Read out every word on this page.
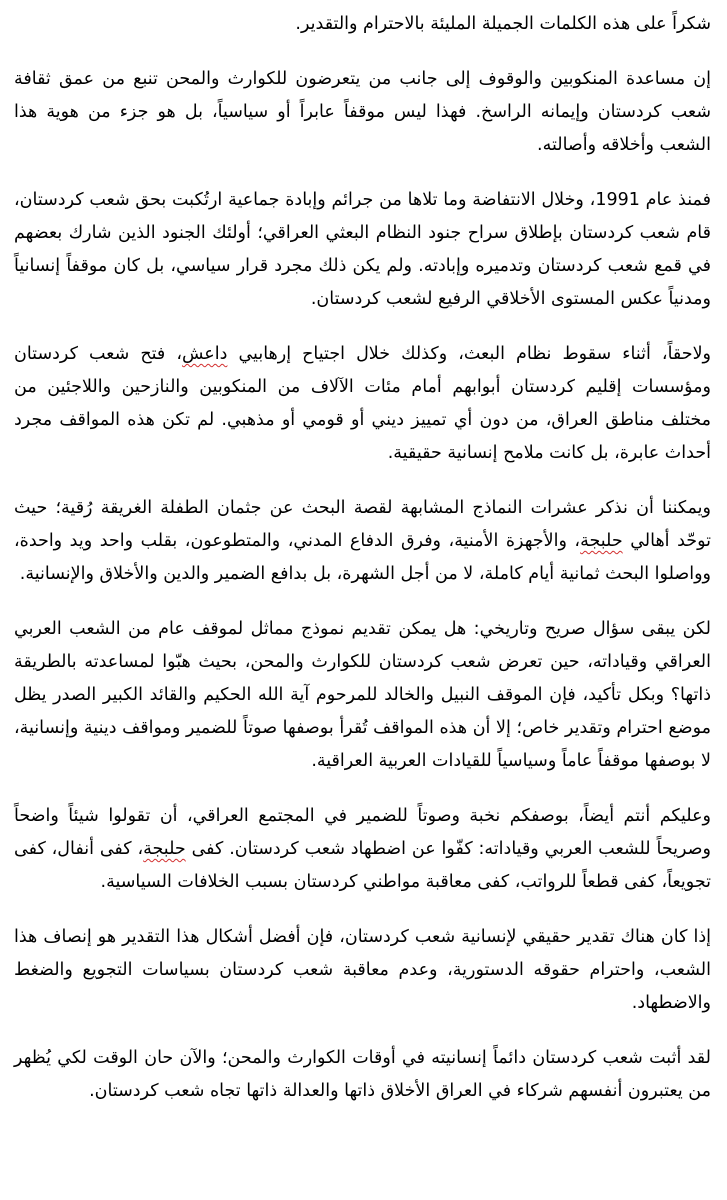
شكراً على هذه الكلمات الجميلة المليئة بالاحترام والتقدير.

إن مساعدة المنكوبين والوقوف إلى جانب من يتعرضون للكوارث والمحن تنبع من عمق ثقافة شعب كردستان وإيمانه الراسخ. فهذا ليس موقفاً عابراً أو سياسياً، بل هو جزء من هوية هذا الشعب وأخلاقه وأصالته.

فمنذ عام 1991، وخلال الانتفاضة وما تلاها من جرائم وإبادة جماعية ارتُكبت بحق شعب كردستان، قام شعب كردستان بإطلاق سراح جنود النظام البعثي العراقي؛ أولئك الجنود الذين شارك بعضهم في قمع شعب كردستان وتدميره وإبادته. ولم يكن ذلك مجرد قرار سياسي، بل كان موقفاً إنسانياً ومدنياً عكس المستوى الأخلاقي الرفيع لشعب كردستان.

ولاحقاً، أثناء سقوط نظام البعث، وكذلك خلال اجتياح إرهابيي داعش، فتح شعب كردستان ومؤسسات إقليم كردستان أبوابهم أمام مئات الآلاف من المنكوبين والنازحين واللاجئين من مختلف مناطق العراق، من دون أي تمييز ديني أو قومي أو مذهبي. لم تكن هذه المواقف مجرد أحداث عابرة، بل كانت ملامح إنسانية حقيقية.

ويمكننا أن نذكر عشرات النماذج المشابهة لقصة البحث عن جثمان الطفلة الغريقة رُقية؛ حيث توحّد أهالي حلبجة، والأجهزة الأمنية، وفرق الدفاع المدني، والمتطوعون، بقلب واحد ويد واحدة، وواصلوا البحث ثمانية أيام كاملة، لا من أجل الشهرة، بل بدافع الضمير والدين والأخلاق والإنسانية.

لكن يبقى سؤال صريح وتاريخي: هل يمكن تقديم نموذج مماثل لموقف عام من الشعب العربي العراقي وقياداته، حين تعرض شعب كردستان للكوارث والمحن، بحيث هبّوا لمساعدته بالطريقة ذاتها؟ وبكل تأكيد، فإن الموقف النبيل والخالد للمرحوم آية الله الحكيم والقائد الكبير الصدر يظل موضع احترام وتقدير خاص؛ إلا أن هذه المواقف تُقرأ بوصفها صوتاً للضمير ومواقف دينية وإنسانية، لا بوصفها موقفاً عاماً وسياسياً للقيادات العربية العراقية.

وعليكم أنتم أيضاً، بوصفكم نخبة وصوتاً للضمير في المجتمع العراقي، أن تقولوا شيئاً واضحاً وصريحاً للشعب العربي وقياداته: كفّوا عن اضطهاد شعب كردستان. كفى حلبجة، كفى أنفال، كفى تجويعاً، كفى قطعاً للرواتب، كفى معاقبة مواطني كردستان بسبب الخلافات السياسية.

إذا كان هناك تقدير حقيقي لإنسانية شعب كردستان، فإن أفضل أشكال هذا التقدير هو إنصاف هذا الشعب، واحترام حقوقه الدستورية، وعدم معاقبة شعب كردستان بسياسات التجويع والضغط والاضطهاد.

لقد أثبت شعب كردستان دائماً إنسانيته في أوقات الكوارث والمحن؛ والآن حان الوقت لكي يُظهر من يعتبرون أنفسهم شركاء في العراق الأخلاق ذاتها والعدالة ذاتها تجاه شعب كردستان.
